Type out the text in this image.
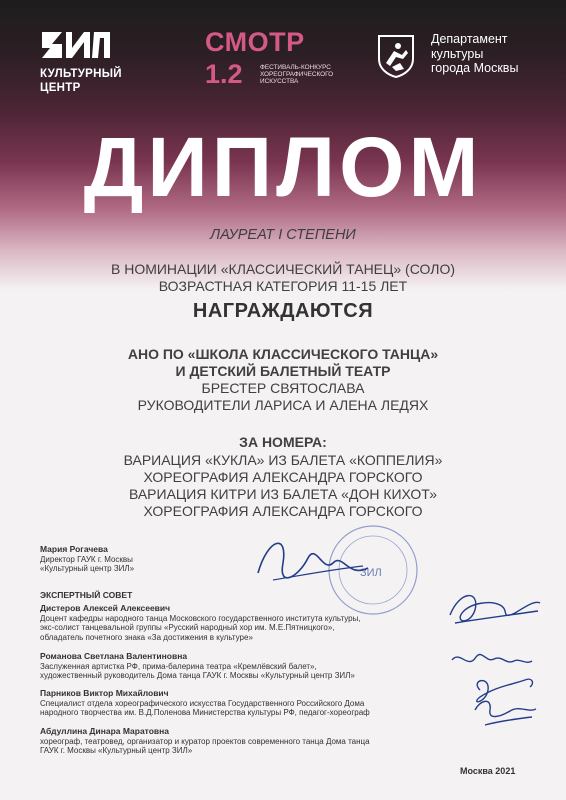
КУЛЬТУРНЫЙ
ЦЕНТР
СМОТР
1.2	ФЕСТИВАЛЬ-КОНКУРС ХОРЕОГРАФИЧЕСКОГО ИСКУССТВА
Департамент
культуры
города Москвы
ДИПЛОМ
ЛАУРЕАТ I СТЕПЕНИ
В НОМИНАЦИИ «КЛАССИЧЕСКИЙ ТАНЕЦ» (СОЛО)
ВОЗРАСТНАЯ КАТЕГОРИЯ 11-15 ЛЕТ
НАГРАЖДАЮТСЯ
АНО ПО «ШКОЛА КЛАССИЧЕСКОГО ТАНЦА»
И ДЕТСКИЙ БАЛЕТНЫЙ ТЕАТР
БРЕСТЕР СВЯТОСЛАВА
РУКОВОДИТЕЛИ ЛАРИСА И АЛЕНА ЛЕДЯХ
ЗА НОМЕРА:
ВАРИАЦИЯ «КУКЛА» ИЗ БАЛЕТА «КОППЕЛИЯ»
ХОРЕОГРАФИЯ АЛЕКСАНДРА ГОРСКОГО
ВАРИАЦИЯ КИТРИ ИЗ БАЛЕТА «ДОН КИХОТ»
ХОРЕОГРАФИЯ АЛЕКСАНДРА ГОРСКОГО
Мария Рогачева
Директор ГАУК г. Москвы
«Культурный центр ЗИЛ»	ЗИЛ
ЭКСПЕРТНЫЙ СОВЕТ
Дистеров Алексей Алексеевич
Доцент кафедры народного танца Московского государственного института культуры,
экс-солист танцевальной группы «Русский народный хор им. М.Е.Пятницкого»,
обладатель почетного знака «За достижения в культуре»
Романова Светлана Валентиновна
Заслуженная артистка РФ, прима-балерина театра «Кремлёвский балет»,
художественный руководитель Дома танца ГАУК г. Москвы «Культурный центр ЗИЛ»
Парников Виктор Михайлович
Специалист отдела хореографического искусства Государственного Российского Дома
народного творчества им. В.Д.Поленова Министерства культуры РФ, педагог-хореограф
Абдуллина Динара Маратовна
хореограф, театровед, организатор и куратор проектов современного танца Дома танца
ГАУК г. Москвы «Культурный центр ЗИЛ»
Москва 2021
